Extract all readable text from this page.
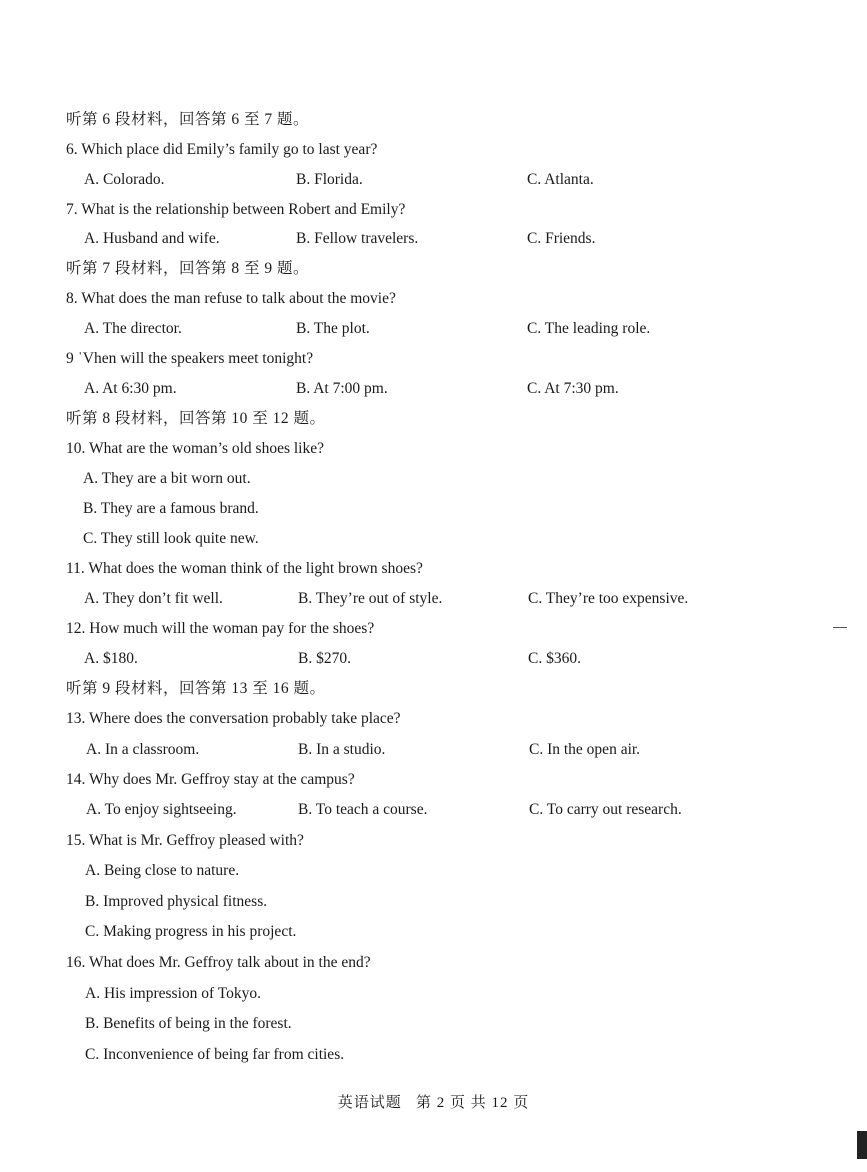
听第 6 段材料，回答第 6 至 7 题。
6. Which place did Emily’s family go to last year?
A. Colorado.	B. Florida.	C. Atlanta.
7. What is the relationship between Robert and Emily?
A. Husband and wife.	B. Fellow travelers.	C. Friends.
听第 7 段材料，回答第 8 至 9 题。
8. What does the man refuse to talk about the movie?
A. The director.	B. The plot.	C. The leading role.
9 ˈVhen will the speakers meet tonight?
A. At 6:30 pm.	B. At 7:00 pm.	C. At 7:30 pm.
听第 8 段材料，回答第 10 至 12 题。
10. What are the woman’s old shoes like?
A. They are a bit worn out.
B. They are a famous brand.
C. They still look quite new.
11. What does the woman think of the light brown shoes?
A. They don’t fit well.	B. They’re out of style.	C. They’re too expensive.
12. How much will the woman pay for the shoes?
A. $180.	B. $270.	C. $360.
听第 9 段材料，回答第 13 至 16 题。
13. Where does the conversation probably take place?
A. In a classroom.	B. In a studio.	C. In the open air.
14. Why does Mr. Geffroy stay at the campus?
A. To enjoy sightseeing.	B. To teach a course.	C. To carry out research.
15. What is Mr. Geffroy pleased with?
A. Being close to nature.
B. Improved physical fitness.
C. Making progress in his project.
16. What does Mr. Geffroy talk about in the end?
A. His impression of Tokyo.
B. Benefits of being in the forest.
C. Inconvenience of being far from cities.
英语试题 第 2 页 共 12 页
